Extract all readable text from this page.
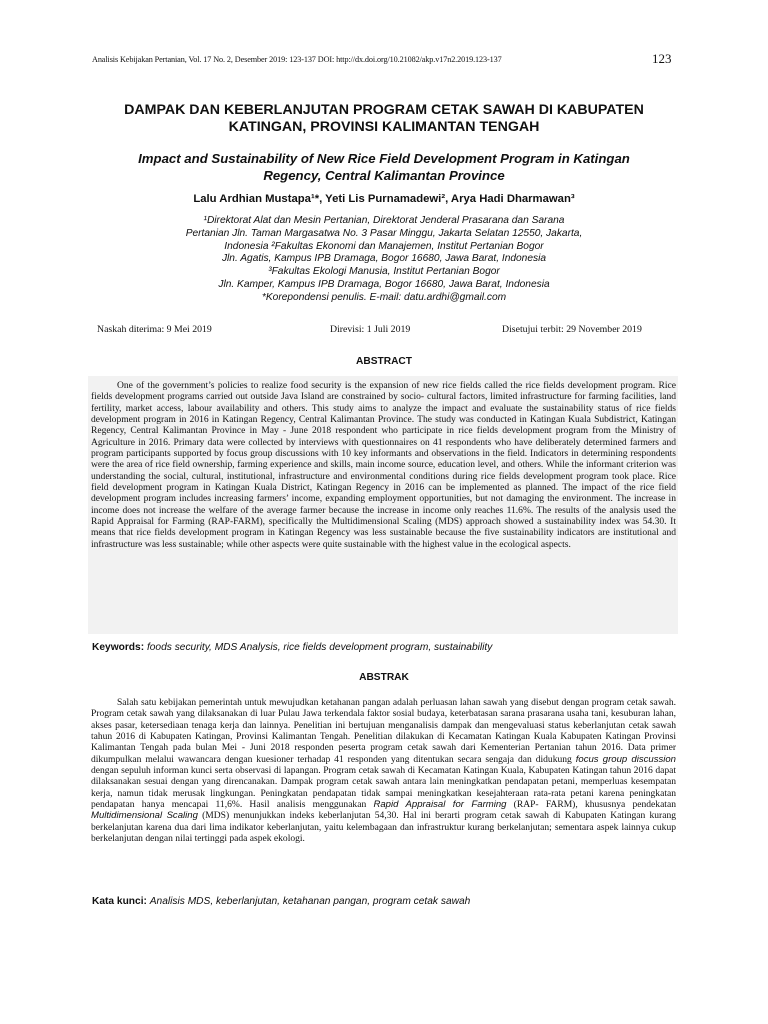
Analisis Kebijakan Pertanian, Vol. 17 No. 2, Desember 2019: 123-137 DOI: http://dx.doi.org/10.21082/akp.v17n2.2019.123-137	123
DAMPAK DAN KEBERLANJUTAN PROGRAM CETAK SAWAH DI KABUPATEN
KATINGAN, PROVINSI KALIMANTAN TENGAH
Impact and Sustainability of New Rice Field Development Program in Katingan
Regency, Central Kalimantan Province
Lalu Ardhian Mustapa¹*, Yeti Lis Purnamadewi², Arya Hadi Dharmawan³
¹Direktorat Alat dan Mesin Pertanian, Direktorat Jenderal Prasarana dan Sarana
Pertanian Jln. Taman Margasatwa No. 3 Pasar Minggu, Jakarta Selatan 12550, Jakarta,
Indonesia ²Fakultas Ekonomi dan Manajemen, Institut Pertanian Bogor
Jln. Agatis, Kampus IPB Dramaga, Bogor 16680, Jawa Barat, Indonesia
³Fakultas Ekologi Manusia, Institut Pertanian Bogor
Jln. Kamper, Kampus IPB Dramaga, Bogor 16680, Jawa Barat, Indonesia
*Korepondensi penulis. E-mail: datu.ardhi@gmail.com
Naskah diterima: 9 Mei 2019	Direvisi: 1 Juli 2019	Disetujui terbit: 29 November 2019
ABSTRACT

One of the government’s policies to realize food security is the expansion of new rice fields called the rice fields development program. Rice fields development programs carried out outside Java Island are constrained by socio- cultural factors, limited infrastructure for farming facilities, land fertility, market access, labour availability and others. This study aims to analyze the impact and evaluate the sustainability status of rice fields development program in 2016 in Katingan Regency, Central Kalimantan Province. The study was conducted in Katingan Kuala Subdistrict, Katingan Regency, Central Kalimantan Province in May - June 2018 respondent who participate in rice fields development program from the Ministry of Agriculture in 2016. Primary data were collected by interviews with questionnaires on 41 respondents who have deliberately determined farmers and program participants supported by focus group discussions with 10 key informants and observations in the field. Indicators in determining respondents were the area of rice field ownership, farming experience and skills, main income source, education level, and others. While the informant criterion was understanding the social, cultural, institutional, infrastructure and environmental conditions during rice fields development program took place. Rice field development program in Katingan Kuala District, Katingan Regency in 2016 can be implemented as planned. The impact of the rice field development program includes increasing farmers’ income, expanding employment opportunities, but not damaging the environment. The increase in income does not increase the welfare of the average farmer because the increase in income only reaches 11.6%. The results of the analysis used the Rapid Appraisal for Farming (RAP-FARM), specifically the Multidimensional Scaling (MDS) approach showed a sustainability index was 54.30. It means that rice fields development program in Katingan Regency was less sustainable because the five sustainability indicators are institutional and infrastructure was less sustainable; while other aspects were quite sustainable with the highest value in the ecological aspects.

Keywords: foods security, MDS Analysis, rice fields development program, sustainability
ABSTRAK

Salah satu kebijakan pemerintah untuk mewujudkan ketahanan pangan adalah perluasan lahan sawah yang disebut dengan program cetak sawah. Program cetak sawah yang dilaksanakan di luar Pulau Jawa terkendala faktor sosial budaya, keterbatasan sarana prasarana usaha tani, kesuburan lahan, akses pasar, ketersediaan tenaga kerja dan lainnya. Penelitian ini bertujuan menganalisis dampak dan mengevaluasi status keberlanjutan cetak sawah tahun 2016 di Kabupaten Katingan, Provinsi Kalimantan Tengah. Penelitian dilakukan di Kecamatan Katingan Kuala Kabupaten Katingan Provinsi Kalimantan Tengah pada bulan Mei - Juni 2018 responden peserta program cetak sawah dari Kementerian Pertanian tahun 2016. Data primer dikumpulkan melalui wawancara dengan kuesioner terhadap 41 responden yang ditentukan secara sengaja dan didukung focus group discussion dengan sepuluh informan kunci serta observasi di lapangan. Program cetak sawah di Kecamatan Katingan Kuala, Kabupaten Katingan tahun 2016 dapat dilaksanakan sesuai dengan yang direncanakan. Dampak program cetak sawah antara lain meningkatkan pendapatan petani, memperluas kesempatan kerja, namun tidak merusak lingkungan. Peningkatan pendapatan tidak sampai meningkatkan kesejahteraan rata-rata petani karena peningkatan pendapatan hanya mencapai 11,6%. Hasil analisis menggunakan Rapid Appraisal for Farming (RAP- FARM), khususnya pendekatan Multidimensional Scaling (MDS) menunjukkan indeks keberlanjutan 54,30. Hal ini berarti program cetak sawah di Kabupaten Katingan kurang berkelanjutan karena dua dari lima indikator keberlanjutan, yaitu kelembagaan dan infrastruktur kurang berkelanjutan; sementara aspek lainnya cukup berkelanjutan dengan nilai tertinggi pada aspek ekologi.

Kata kunci: Analisis MDS, keberlanjutan, ketahanan pangan, program cetak sawah
